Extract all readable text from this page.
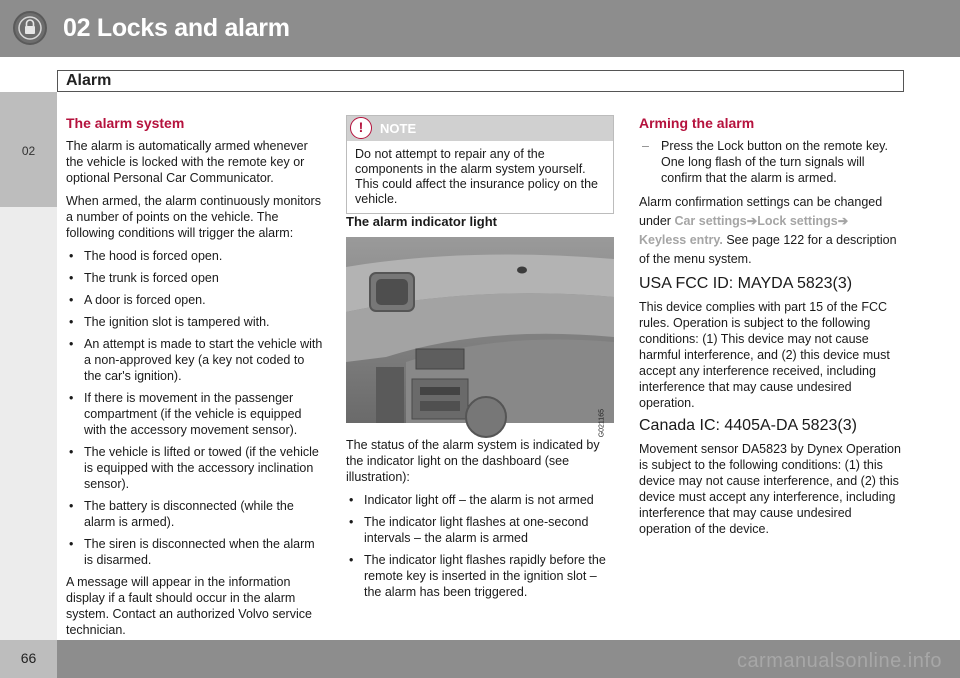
02 Locks and alarm
Alarm
02

The alarm system

The alarm is automatically armed whenever the vehicle is locked with the remote key or optional Personal Car Communicator.

When armed, the alarm continuously monitors a number of points on the vehicle. The following conditions will trigger the alarm:

• The hood is forced open.
• The trunk is forced open
• A door is forced open.
• The ignition slot is tampered with.
• An attempt is made to start the vehicle with a non-approved key (a key not coded to the car's ignition).
• If there is movement in the passenger compartment (if the vehicle is equipped with the accessory movement sensor).
• The vehicle is lifted or towed (if the vehicle is equipped with the accessory inclination sensor).
• The battery is disconnected (while the alarm is armed).
• The siren is disconnected when the alarm is disarmed.

A message will appear in the information display if a fault should occur in the alarm system. Contact an authorized Volvo service technician.

!	NOTE
Do not attempt to repair any of the components in the alarm system yourself. This could affect the insurance policy on the vehicle.

The alarm indicator light

G021165

The status of the alarm system is indicated by the indicator light on the dashboard (see illustration):

• Indicator light off – the alarm is not armed
• The indicator light flashes at one-second intervals – the alarm is armed
• The indicator light flashes rapidly before the remote key is inserted in the ignition slot – the alarm has been triggered.

Arming the alarm

– Press the Lock button on the remote key. One long flash of the turn signals will confirm that the alarm is armed.

Alarm confirmation settings can be changed under Car settings➔Lock settings➔
Keyless entry. See page 122 for a description of the menu system.

USA FCC ID: MAYDA 5823(3)

This device complies with part 15 of the FCC rules. Operation is subject to the following conditions: (1) This device may not cause harmful interference, and (2) this device must accept any interference received, including interference that may cause undesired operation.

Canada IC: 4405A-DA 5823(3)

Movement sensor DA5823 by Dynex Operation is subject to the following conditions: (1) this device may not cause interference, and (2) this device must accept any interference, including interference that may cause undesired operation of the device.

66	carmanualsonline.info
